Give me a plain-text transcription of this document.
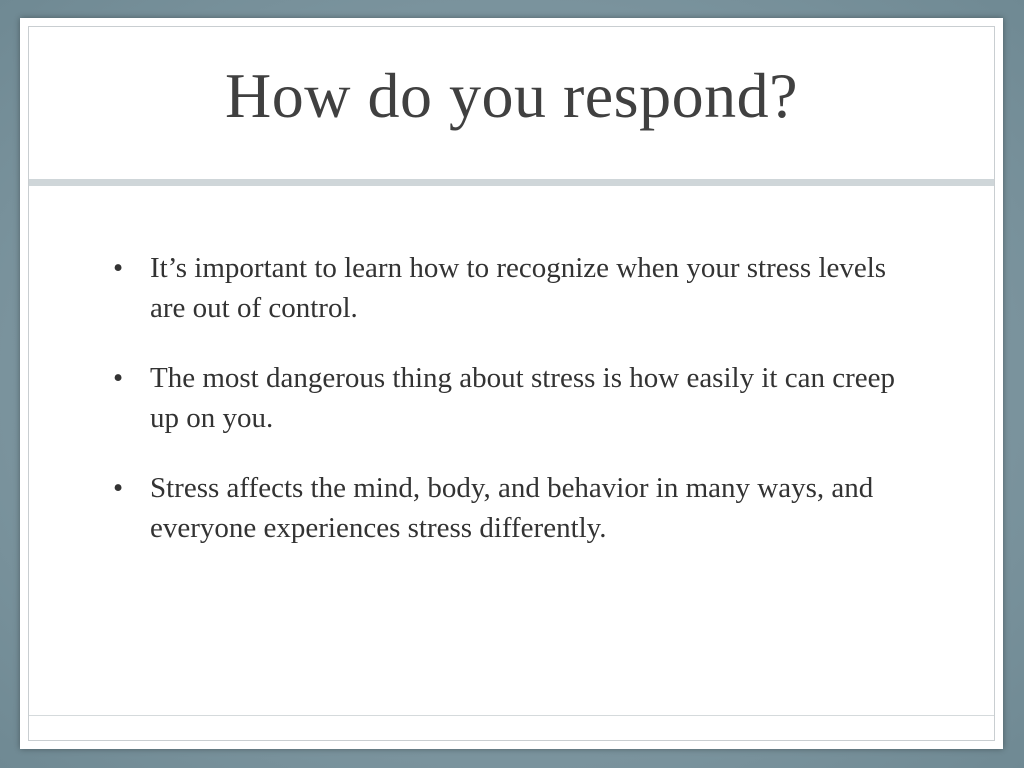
How do you respond?
• It’s important to learn how to recognize when your stress levels are out of control.
• The most dangerous thing about stress is how easily it can creep up on you.
• Stress affects the mind, body, and behavior in many ways, and everyone experiences stress differently.
